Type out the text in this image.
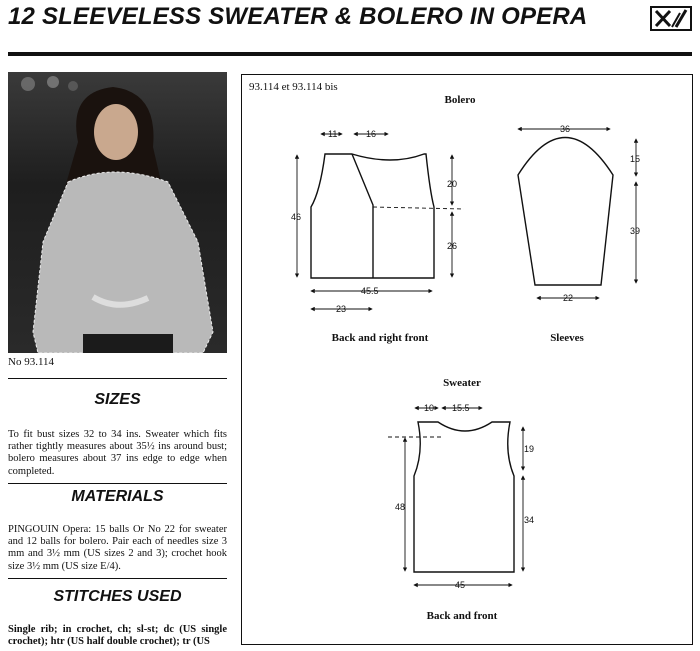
12 SLEEVELESS SWEATER & BOLERO IN OPERA
No 93.114
SIZES
To fit bust sizes 32 to 34 ins. Sweater which fits rather tightly measures about 35½ ins around bust; bolero measures about 37 ins edge to edge when completed.
MATERIALS
PINGOUIN Opera: 15 balls Or No 22 for sweater and 12 balls for bolero. Pair each of needles size 3 mm and 3½ mm (US sizes 2 and 3); crochet hook size 3½ mm (US size E/4).
STITCHES USED
Single rib; in crochet, ch; sl-st; dc (US single crochet); htr (US half double crochet); tr (US
93.114 et 93.114 bis
Bolero
Back and right front	Sleeves
Sweater
Back and front
11	16
46
20
26
45.5
23
36
15
39
22
10 15.5
19
48
34
45
